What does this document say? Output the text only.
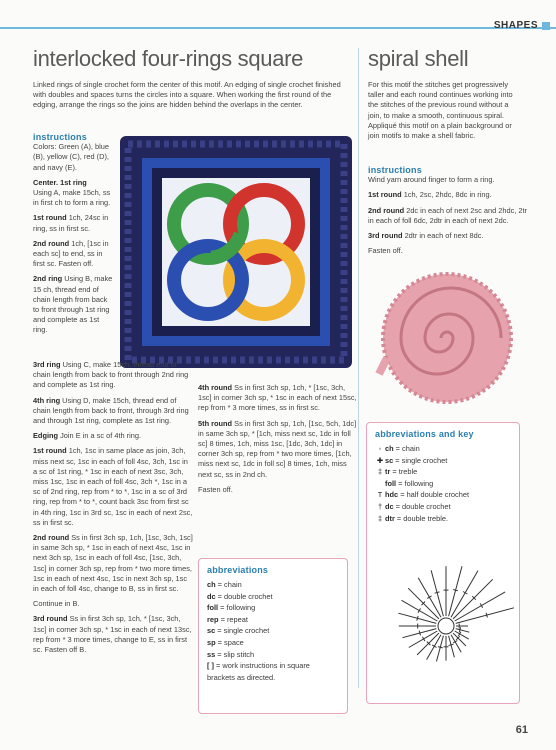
SHAPES
interlocked four-rings square
Linked rings of single crochet form the center of this motif. An edging of single crochet finished with doubles and spaces turns the circles into a square. When working the first round of the edging, arrange the rings so the joins are hidden behind the overlaps in the center.
instructions

Colors: Green (A), blue (B), yellow (C), red (D), and navy (E).

Center. 1st ring
Using A, make 15ch, ss in first ch to form a ring.

1st round 1ch, 24sc in ring, ss in first sc.

2nd round 1ch, [1sc in each sc] to end, ss in first sc. Fasten off.

2nd ring Using B, make 15 ch, thread end of chain length from back to front through 1st ring and complete as 1st ring.

3rd ring Using C, make 15ch, thread end of chain length from back to front through 2nd ring and complete as 1st ring.

4th ring Using D, make 15ch, thread end of chain length from back to front, through 3rd ring and through 1st ring, complete as 1st ring.

Edging Join E in a sc of 4th ring.

1st round 1ch, 1sc in same place as join, 3ch, miss next sc, 1sc in each of foll 4sc, 3ch, 1sc in a sc of 1st ring, * 1sc in each of next 3sc, 3ch, miss 1sc, 1sc in each of foll 4sc, 3ch *, 1sc in a sc of 2nd ring, rep from * to *, 1sc in a sc of 3rd ring, rep from * to *, count back 3sc from first sc in 4th ring, 1sc in 3rd sc, 1sc in each of next 2sc, ss in first sc.

2nd round Ss in first 3ch sp, 1ch, [1sc, 3ch, 1sc] in same 3ch sp, * 1sc in each of next 4sc, 1sc in next 3ch sp, 1sc in each of foll 4sc, [1sc, 3ch, 1sc] in corner 3ch sp, rep from * two more times, 1sc in each of next 4sc, 1sc in next 3ch sp, 1sc in each of foll 4sc, change to B, ss in first sc.

Continue in B.

3rd round Ss in first 3ch sp, 1ch, * [1sc, 3ch, 1sc] in corner 3ch sp, * 1sc in each of next 13sc, rep from * 3 more times, change to E, ss in first sc. Fasten off B.

4th round Ss in first 3ch sp, 1ch, * [1sc, 3ch, 1sc] in corner 3ch sp, * 1sc in each of next 15sc, rep from * 3 more times, ss in first sc.

5th round Ss in first 3ch sp, 1ch, [1sc, 5ch, 1dc] in same 3ch sp, * [1ch, miss next sc, 1dc in foll sc] 8 times, 1ch, miss 1sc, [1dc, 3ch, 1dc] in corner 3ch sp, rep from * two more times, [1ch, miss next sc, 1dc in foll sc] 8 times, 1ch, miss next sc, ss in 2nd ch.

Fasten off.

abbreviations
ch = chain
dc = double crochet
foll = following
rep = repeat
sc = single crochet
sp = space
ss = slip stitch
[ ] = work instructions in square brackets as directed.
spiral shell
For this motif the stitches get progressively taller and each round continues working into the stitches of the previous round without a join, to make a smooth, continuous spiral. Appliqué this motif on a plain background or join motifs to make a shell fabric.
instructions

Wind yarn around finger to form a ring.

1st round 1ch, 2sc, 2hdc, 8dc in ring.

2nd round 2dc in each of next 2sc and 2hdc, 2tr in each of foll 6dc, 2dtr in each of next 2dc.

3rd round 2dtr in each of next 8dc.

Fasten off.

abbreviations and key
◦ ch = chain
✚ sc = single crochet
‡ tr = treble
foll = following
T hdc = half double crochet
† dc = double crochet
‡ dtr = double treble.
61
